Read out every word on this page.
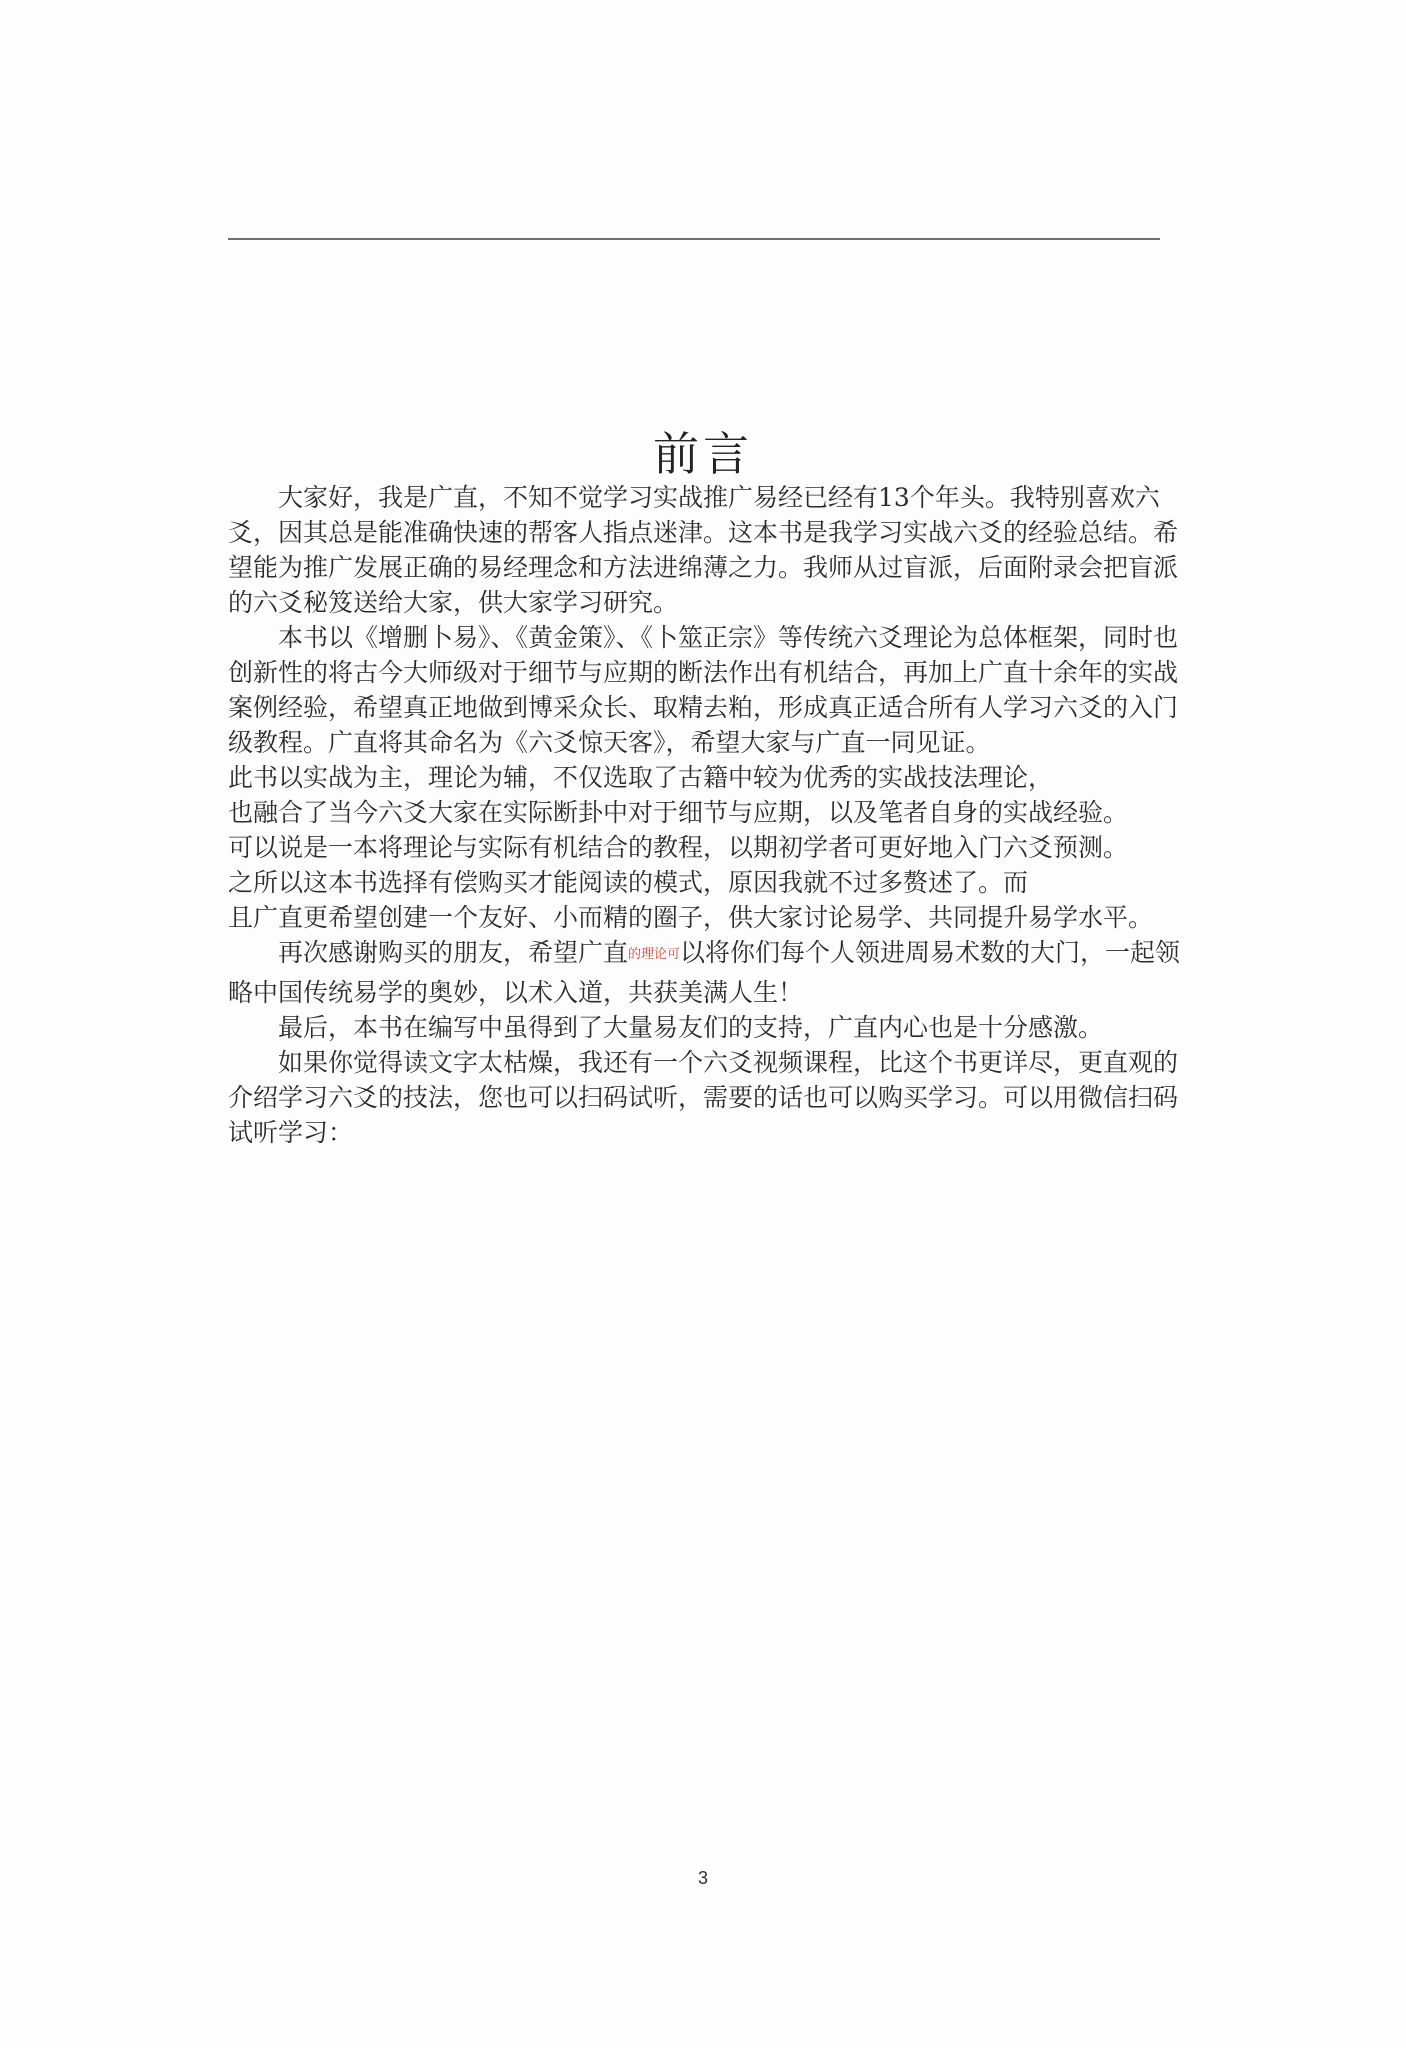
前言

大家好，我是广直，不知不觉学习实战推广易经已经有13个年头。我特别喜欢六爻，因其总是能准确快速的帮客人指点迷津。这本书是我学习实战六爻的经验总结。希望能为推广发展正确的易经理念和方法进绵薄之力。我师从过盲派，后面附录会把盲派的六爻秘笈送给大家，供大家学习研究。

本书以《增删卜易》、《黄金策》、《卜筮正宗》等传统六爻理论为总体框架，同时也创新性的将古今大师级对于细节与应期的断法作出有机结合，再加上广直十余年的实战案例经验，希望真正地做到博采众长、取精去粕，形成真正适合所有人学习六爻的入门级教程。广直将其命名为《六爻惊天客》，希望大家与广直一同见证。

此书以实战为主，理论为辅，不仅选取了古籍中较为优秀的实战技法理论，

也融合了当今六爻大家在实际断卦中对于细节与应期，以及笔者自身的实战经验。

可以说是一本将理论与实际有机结合的教程，以期初学者可更好地入门六爻预测。

之所以这本书选择有偿购买才能阅读的模式，原因我就不过多赘述了。而

且广直更希望创建一个友好、小而精的圈子，供大家讨论易学、共同提升易学水平。

再次感谢购买的朋友，希望广直的理论可以将你们每个人领进周易术数的大门，一起领略中国传统易学的奥妙，以术入道，共获美满人生！

最后，本书在编写中虽得到了大量易友们的支持，广直内心也是十分感激。

如果你觉得读文字太枯燥，我还有一个六爻视频课程，比这个书更详尽，更直观的介绍学习六爻的技法，您也可以扫码试听，需要的话也可以购买学习。可以用微信扫码试听学习：

3
